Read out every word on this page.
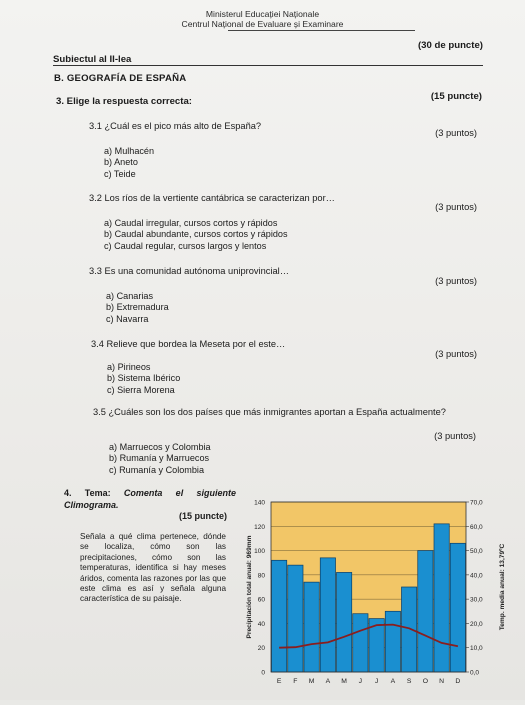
Ministerul Educației Naționale
Centrul Național de Evaluare și Examinare
Subiectul al II-lea
(30 de puncte)
B. GEOGRAFÍA DE ESPAÑA
3. Elige la respuesta correcta:	(15 puncte)
3.1 ¿Cuál es el pico más alto de España?
(3 puntos)
a) Mulhacén
b) Aneto
c) Teide
3.2 Los ríos de la vertiente cantábrica se caracterizan por…
(3 puntos)
a) Caudal irregular, cursos cortos y rápidos
b) Caudal abundante, cursos cortos y rápidos
c) Caudal regular, cursos largos y lentos
3.3 Es una comunidad autónoma uniprovincial…
(3 puntos)
a) Canarias
b) Extremadura
c) Navarra
3.4 Relieve que bordea la Meseta por el este…
(3 puntos)
a) Pirineos
b) Sistema Ibérico
c) Sierra Morena
3.5 ¿Cuáles son los dos países que más inmigrantes aportan a España actualmente?
(3 puntos)
a) Marruecos y Colombia
b) Rumanía y Marruecos
c) Rumanía y Colombia
4. Tema: Comenta el siguiente Climograma.
(15 puncte)
Señala a qué clima pertenece, dónde se localiza, cómo son las precipitaciones, cómo son las temperaturas, identifica si hay meses áridos, comenta las razones por las que este clima es así y señala alguna característica de su paisaje.
0
20
40
60
80
100
120
140
E F M A M J J A S O N D
0,0
10,0
20,0
30,0
40,0
50,0
60,0
70,0
Precipitación total anual: 969mm	Temp. media anual: 13,79ºC
